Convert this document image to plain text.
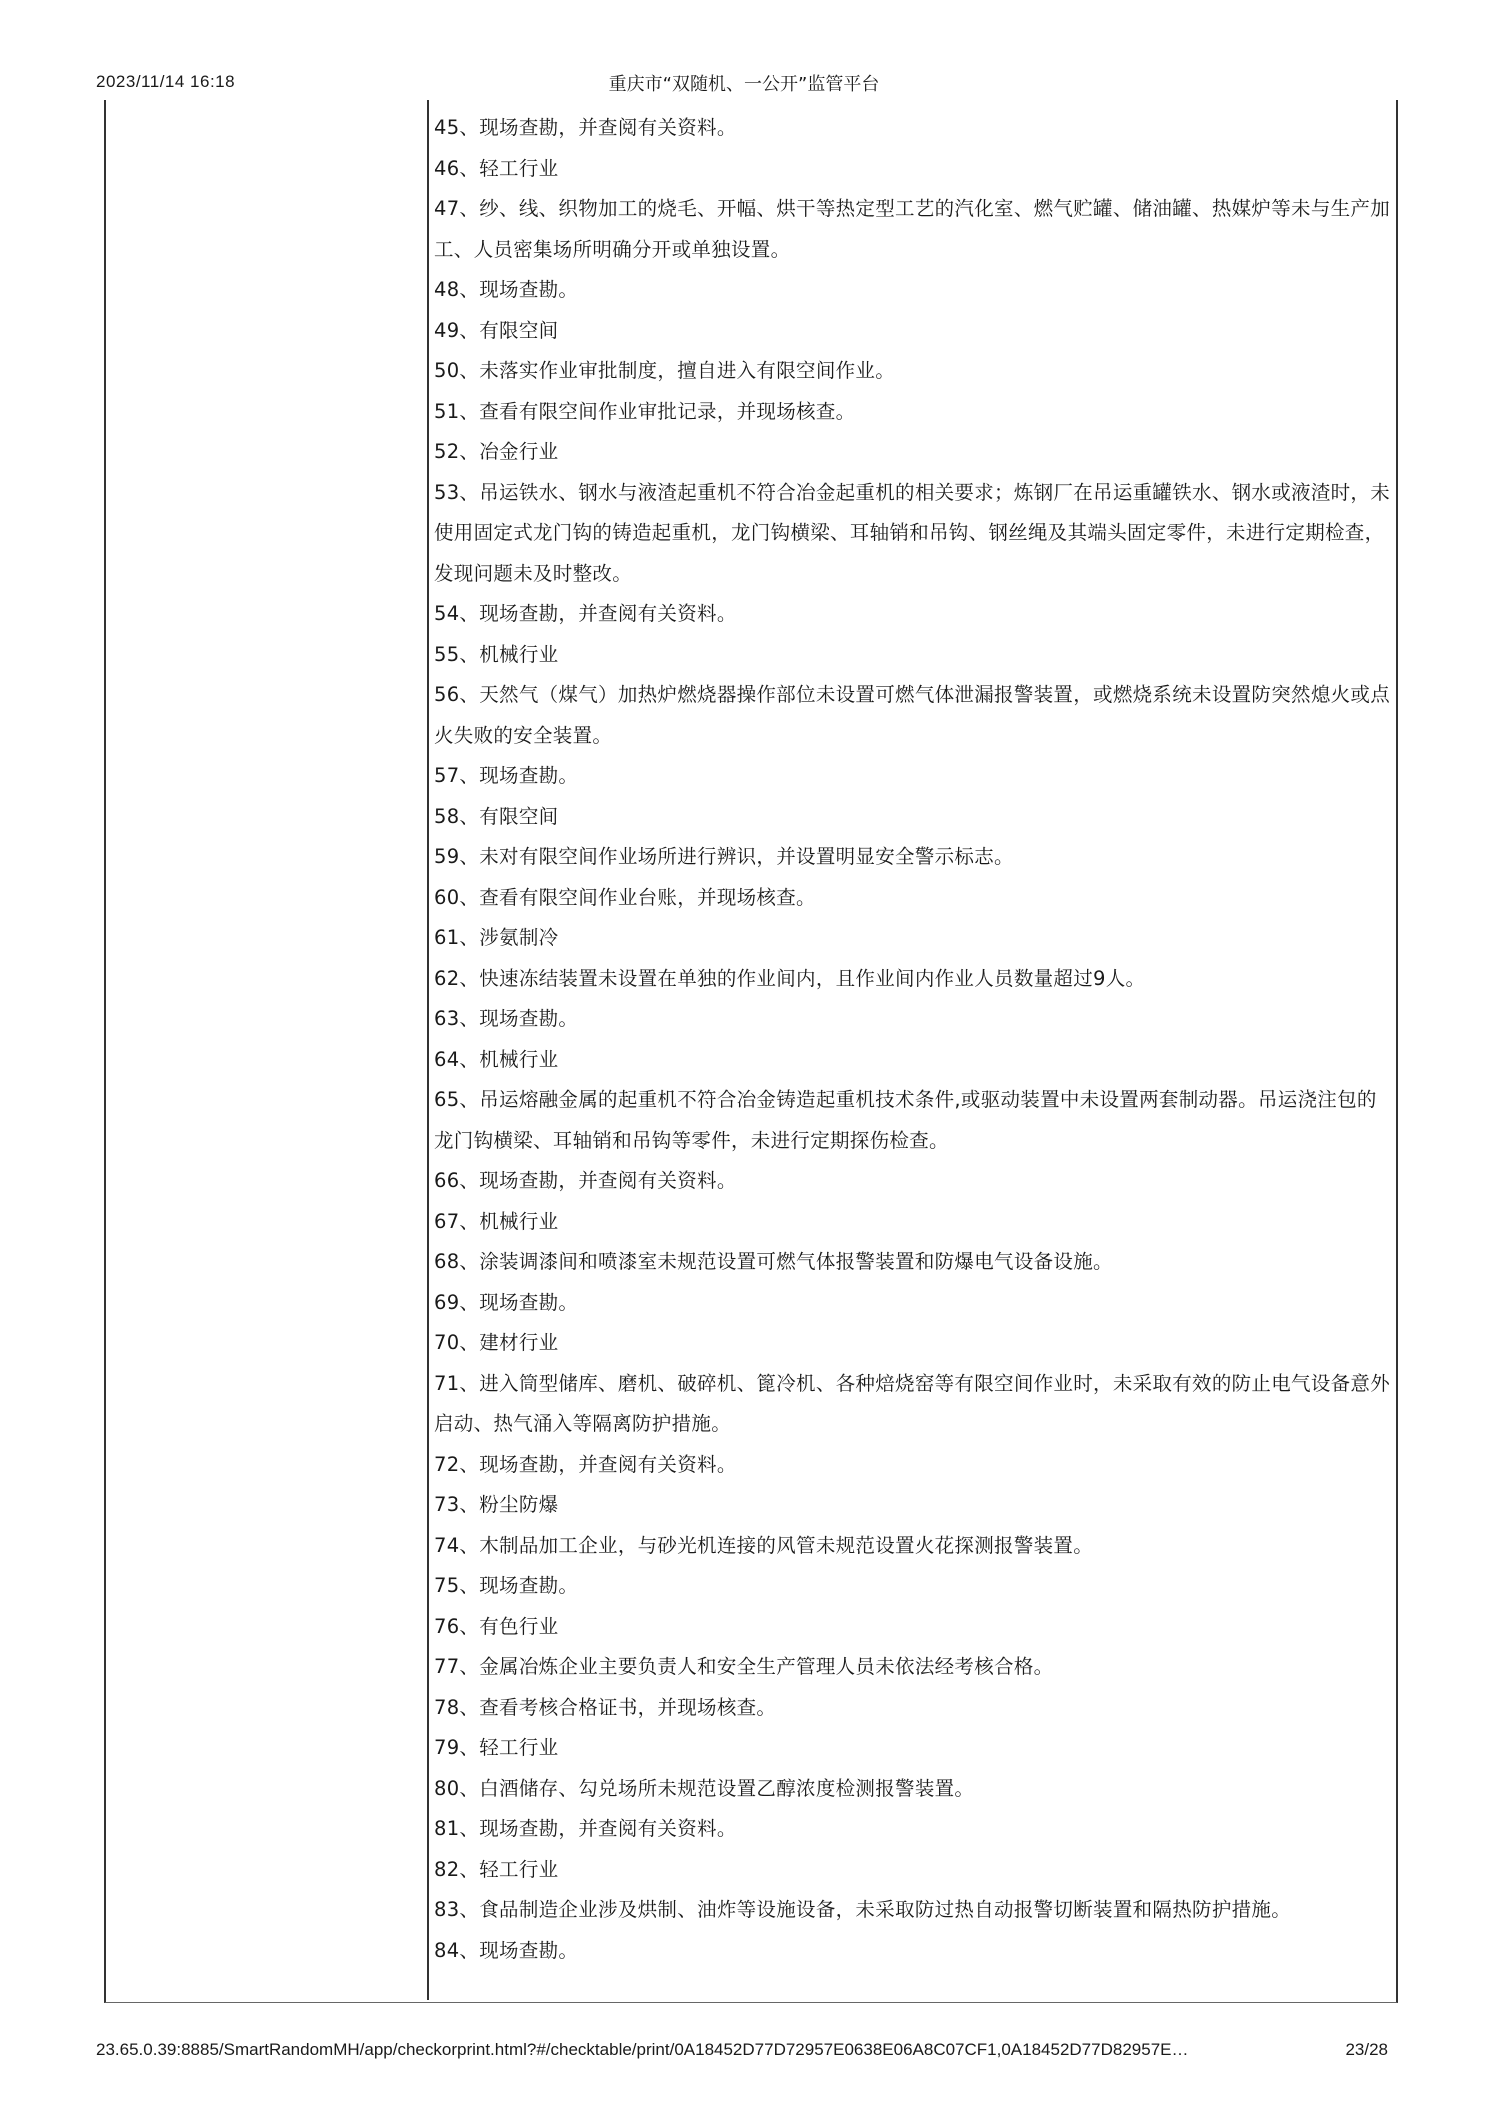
2023/11/14 16:18	重庆市“双随机、一公开”监管平台

45、现场查勘，并查阅有关资料。

46、轻工行业

47、纱、线、织物加工的烧毛、开幅、烘干等热定型工艺的汽化室、燃气贮罐、储油罐、热媒炉等未与生产加工、人员密集场所明确分开或单独设置。

48、现场查勘。

49、有限空间

50、未落实作业审批制度，擅自进入有限空间作业。

51、查看有限空间作业审批记录，并现场核查。

52、冶金行业

53、吊运铁水、钢水与液渣起重机不符合冶金起重机的相关要求；炼钢厂在吊运重罐铁水、钢水或液渣时，未使用固定式龙门钩的铸造起重机，龙门钩横梁、耳轴销和吊钩、钢丝绳及其端头固定零件，未进行定期检查，发现问题未及时整改。

54、现场查勘，并查阅有关资料。

55、机械行业

56、天然气（煤气）加热炉燃烧器操作部位未设置可燃气体泄漏报警装置，或燃烧系统未设置防突然熄火或点火失败的安全装置。

57、现场查勘。

58、有限空间

59、未对有限空间作业场所进行辨识，并设置明显安全警示标志。

60、查看有限空间作业台账，并现场核查。

61、涉氨制冷

62、快速冻结装置未设置在单独的作业间内，且作业间内作业人员数量超过9人。

63、现场查勘。

64、机械行业

65、吊运熔融金属的起重机不符合冶金铸造起重机技术条件,或驱动装置中未设置两套制动器。吊运浇注包的龙门钩横梁、耳轴销和吊钩等零件，未进行定期探伤检查。

66、现场查勘，并查阅有关资料。

67、机械行业

68、涂装调漆间和喷漆室未规范设置可燃气体报警装置和防爆电气设备设施。

69、现场查勘。

70、建材行业

71、进入筒型储库、磨机、破碎机、篦冷机、各种焙烧窑等有限空间作业时，未采取有效的防止电气设备意外启动、热气涌入等隔离防护措施。

72、现场查勘，并查阅有关资料。

73、粉尘防爆

74、木制品加工企业，与砂光机连接的风管未规范设置火花探测报警装置。

75、现场查勘。

76、有色行业

77、金属冶炼企业主要负责人和安全生产管理人员未依法经考核合格。

78、查看考核合格证书，并现场核查。

79、轻工行业

80、白酒储存、勾兑场所未规范设置乙醇浓度检测报警装置。

81、现场查勘，并查阅有关资料。

82、轻工行业

83、食品制造企业涉及烘制、油炸等设施设备，未采取防过热自动报警切断装置和隔热防护措施。

84、现场查勘。

23.65.0.39:8885/SmartRandomMH/app/checkorprint.html?#/checktable/print/0A18452D77D72957E0638E06A8C07CF1,0A18452D77D82957E…	23/28
